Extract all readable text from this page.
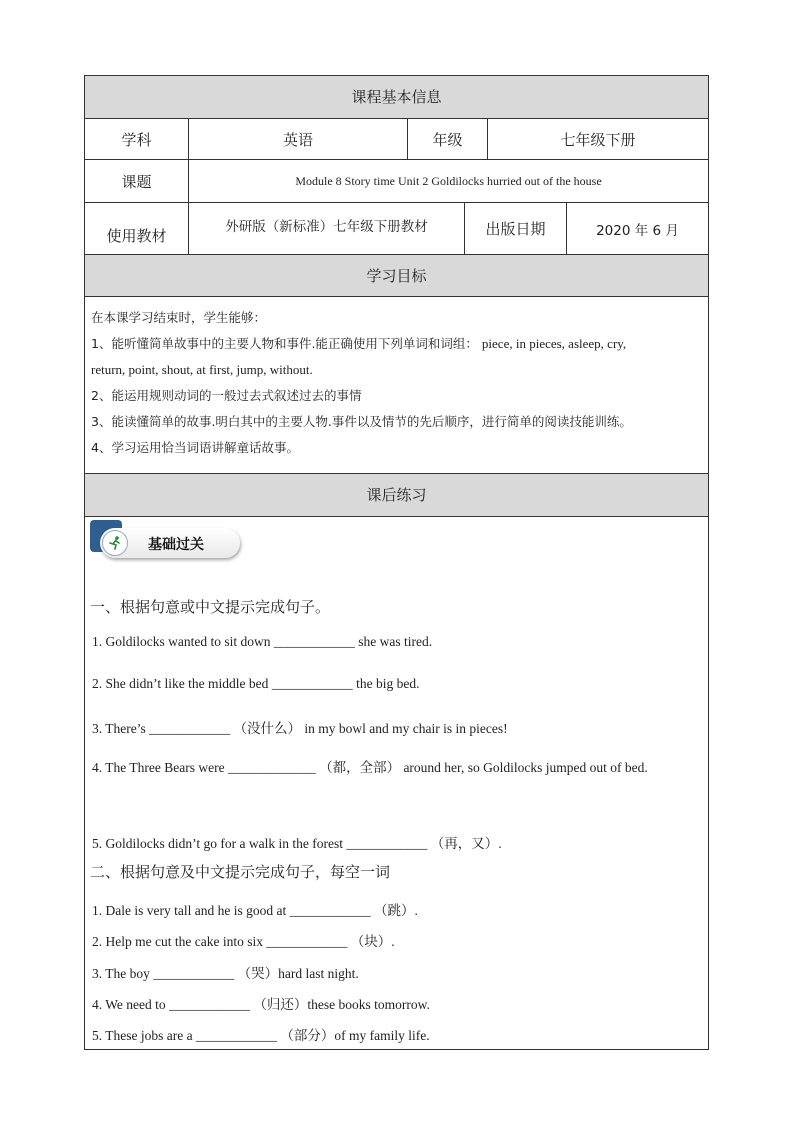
课程基本信息
学科	英语	年级	七年级下册
课题	Module 8 Story time Unit 2 Goldilocks hurried out of the house
使用教材	外研版（新标准）七年级下册教材	出版日期	2020 年 6 月
学习目标

在本课学习结束时，学生能够：

1、能听懂简单故事中的主要人物和事件.能正确使用下列单词和词组： piece, in pieces, asleep, cry,

return, point, shout, at first, jump, without.

2、能运用规则动词的一般过去式叙述过去的事情

3、能读懂简单的故事.明白其中的主要人物.事件以及情节的先后顺序，进行简单的阅读技能训练。

4、学习运用恰当词语讲解童话故事。

课后练习
基础过关
一、根据句意或中文提示完成句子。
1. Goldilocks wanted to sit down ____________ she was tired.
2. She didn’t like the middle bed ____________ the big bed.
3. There’s ____________ （没什么） in my bowl and my chair is in pieces!
4. The Three Bears were _____________ （都，全部） around her, so Goldilocks jumped out of bed.
5. Goldilocks didn’t go for a walk in the forest ____________ （再，又）.
二、根据句意及中文提示完成句子，每空一词
1. Dale is very tall and he is good at ____________ （跳）.
2. Help me cut the cake into six ____________ （块）.
3. The boy ____________ （哭）hard last night.
4. We need to ____________ （归还）these books tomorrow.
5. These jobs are a ____________ （部分）of my family life.
